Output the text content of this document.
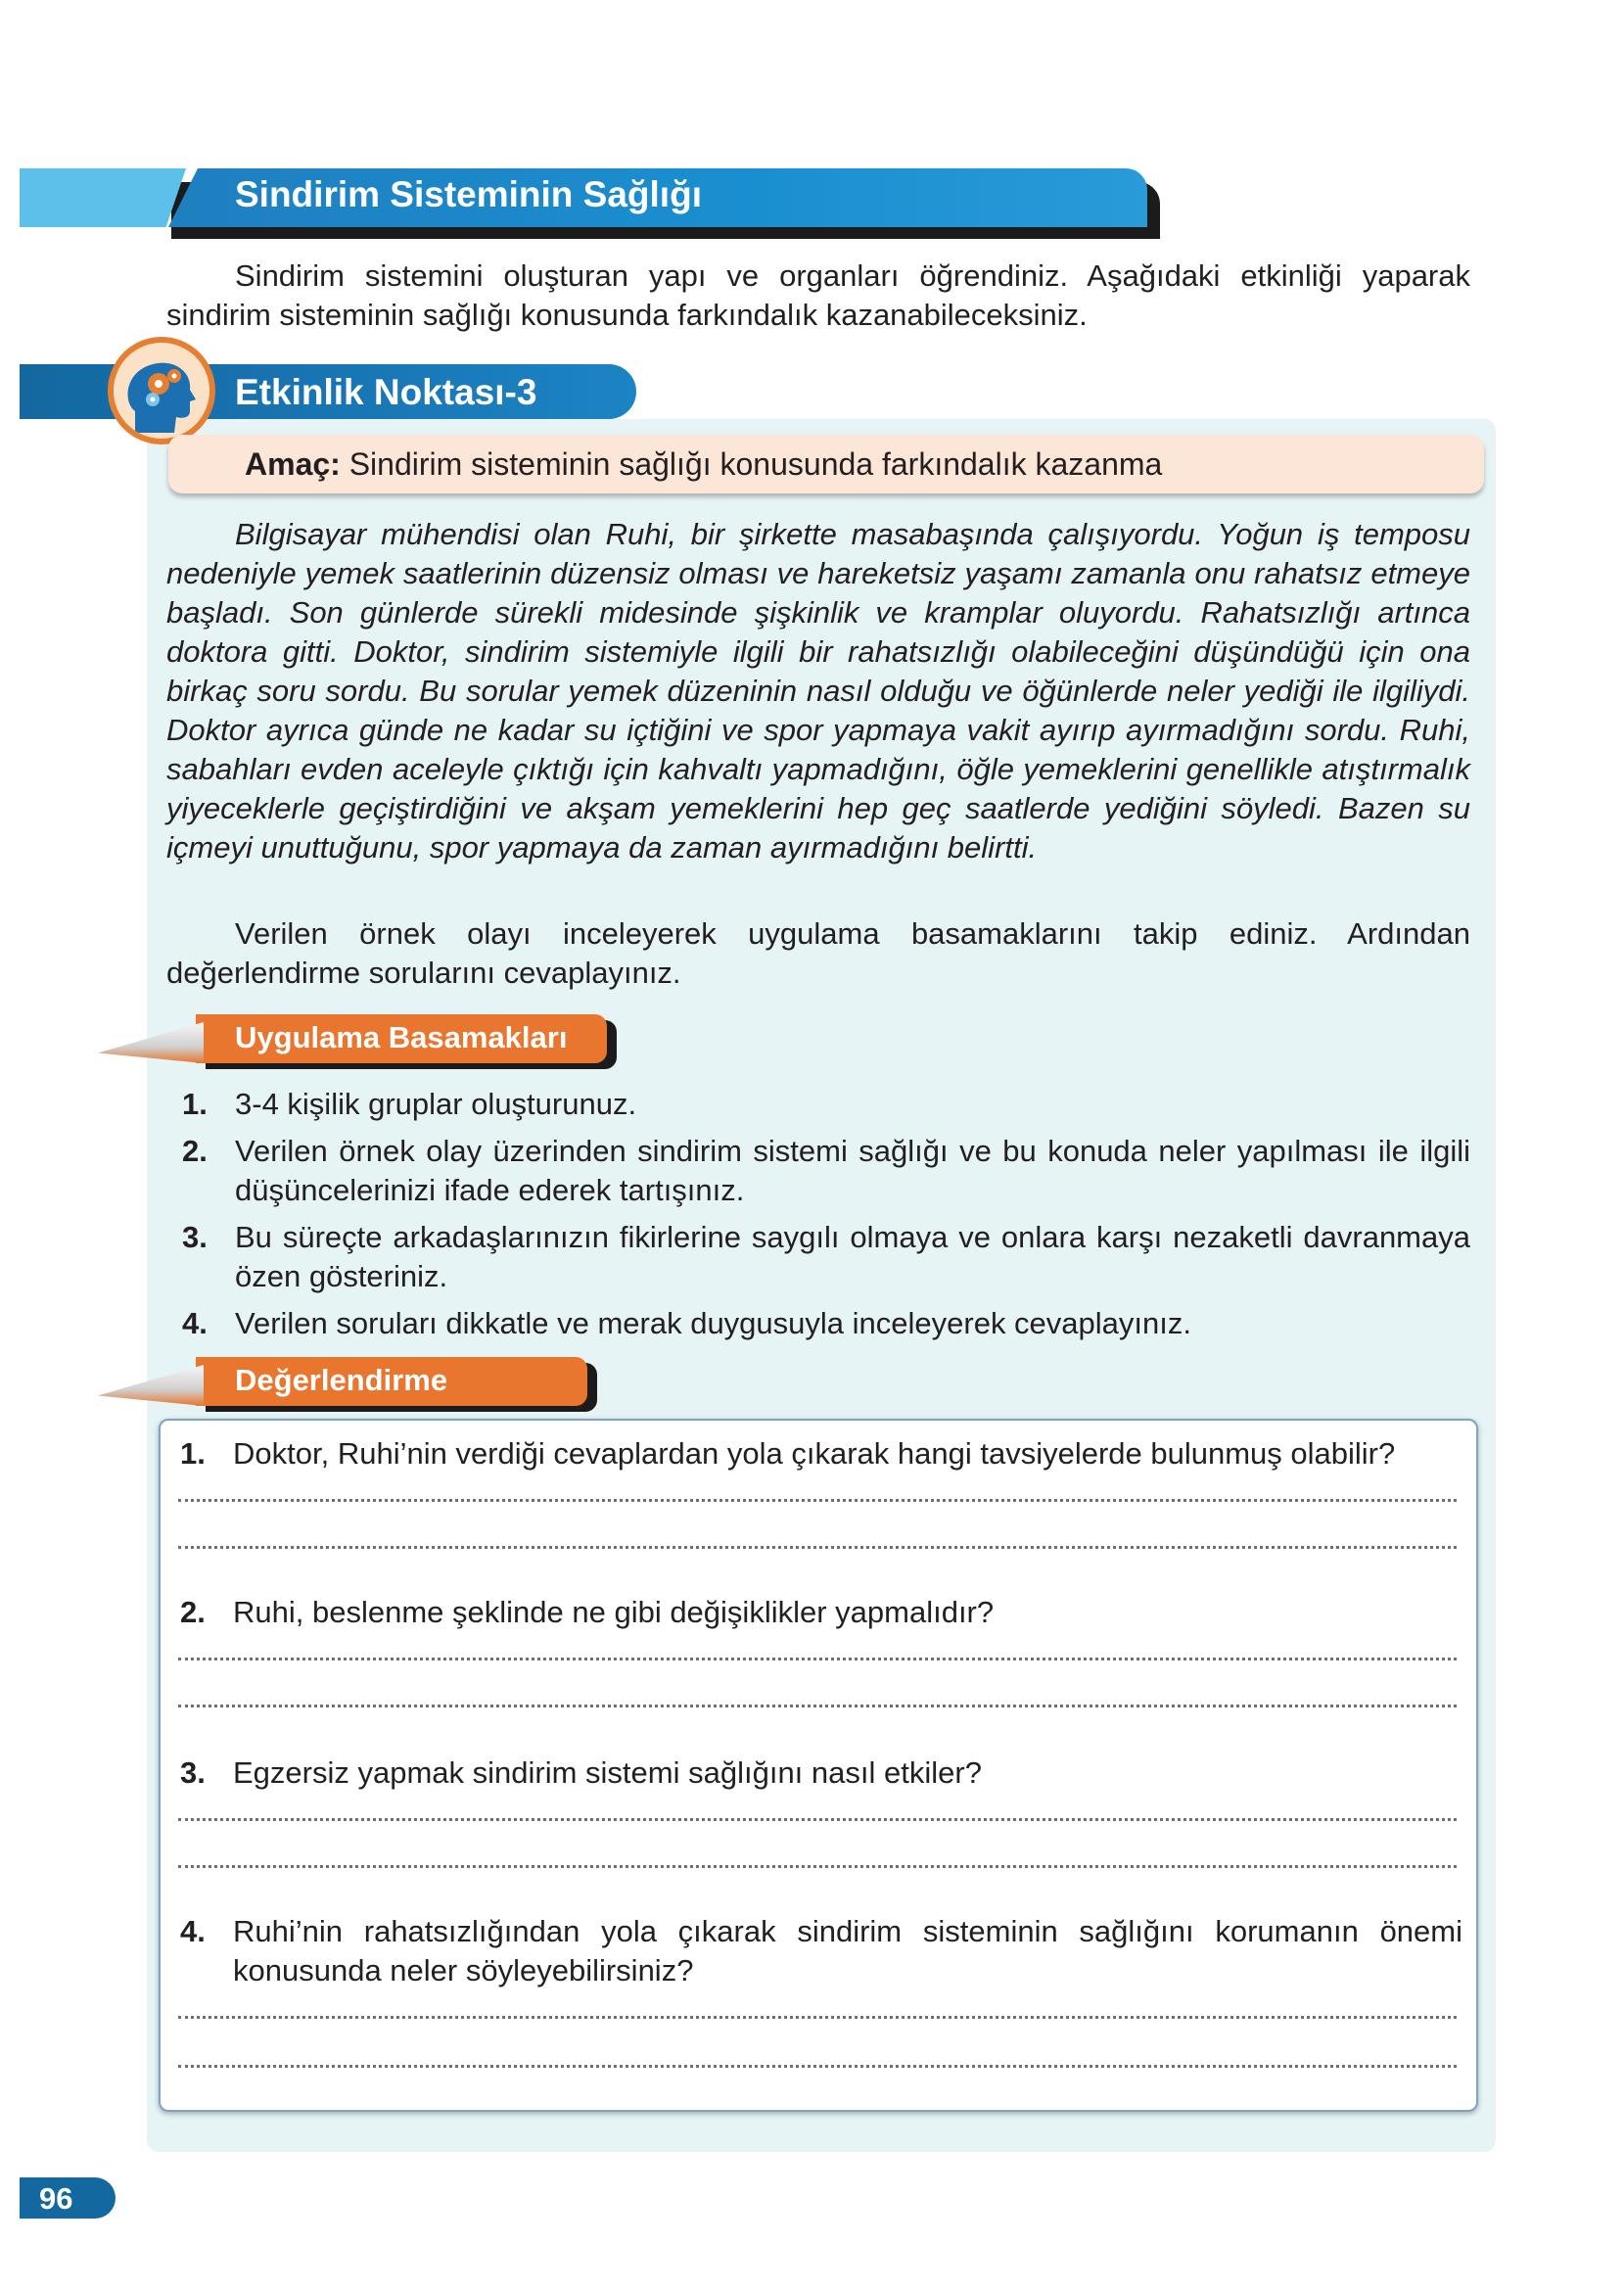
Sindirim Sisteminin Sağlığı
Sindirim sistemini oluşturan yapı ve organları öğrendiniz. Aşağıdaki etkinliği yaparak sindirim sisteminin sağlığı konusunda farkındalık kazanabileceksiniz.
Etkinlik Noktası-3
Amaç: Sindirim sisteminin sağlığı konusunda farkındalık kazanma
Bilgisayar mühendisi olan Ruhi, bir şirkette masabaşında çalışıyordu. Yoğun iş temposu nedeniyle yemek saatlerinin düzensiz olması ve hareketsiz yaşamı zamanla onu rahatsız etmeye başladı. Son günlerde sürekli midesinde şişkinlik ve kramplar oluyordu. Rahatsızlığı artınca doktora gitti. Doktor, sindirim sistemiyle ilgili bir rahatsızlığı olabileceğini düşündüğü için ona birkaç soru sordu. Bu sorular yemek düzeninin nasıl olduğu ve öğünlerde neler yediği ile ilgiliydi. Doktor ayrıca günde ne kadar su içtiğini ve spor yapmaya vakit ayırıp ayırmadığını sordu. Ruhi, sabahları evden aceleyle çıktığı için kahvaltı yapmadığını, öğle yemeklerini genellikle atıştırmalık yiyeceklerle geçiştirdiğini ve akşam yemeklerini hep geç saatlerde yediğini söyledi. Bazen su içmeyi unuttuğunu, spor yapmaya da zaman ayırmadığını belirtti.
Verilen örnek olayı inceleyerek uygulama basamaklarını takip ediniz. Ardından değerlendirme sorularını cevaplayınız.
Uygulama Basamakları
1. 3-4 kişilik gruplar oluşturunuz.
2. Verilen örnek olay üzerinden sindirim sistemi sağlığı ve bu konuda neler yapılması ile ilgili düşüncelerinizi ifade ederek tartışınız.
3. Bu süreçte arkadaşlarınızın fikirlerine saygılı olmaya ve onlara karşı nezaketli davranmaya özen gösteriniz.
4. Verilen soruları dikkatle ve merak duygusuyla inceleyerek cevaplayınız.
Değerlendirme
1. Doktor, Ruhi’nin verdiği cevaplardan yola çıkarak hangi tavsiyelerde bulunmuş olabilir?
2. Ruhi, beslenme şeklinde ne gibi değişiklikler yapmalıdır?
3. Egzersiz yapmak sindirim sistemi sağlığını nasıl etkiler?
4. Ruhi’nin rahatsızlığından yola çıkarak sindirim sisteminin sağlığını korumanın önemi konusunda neler söyleyebilirsiniz?
96
